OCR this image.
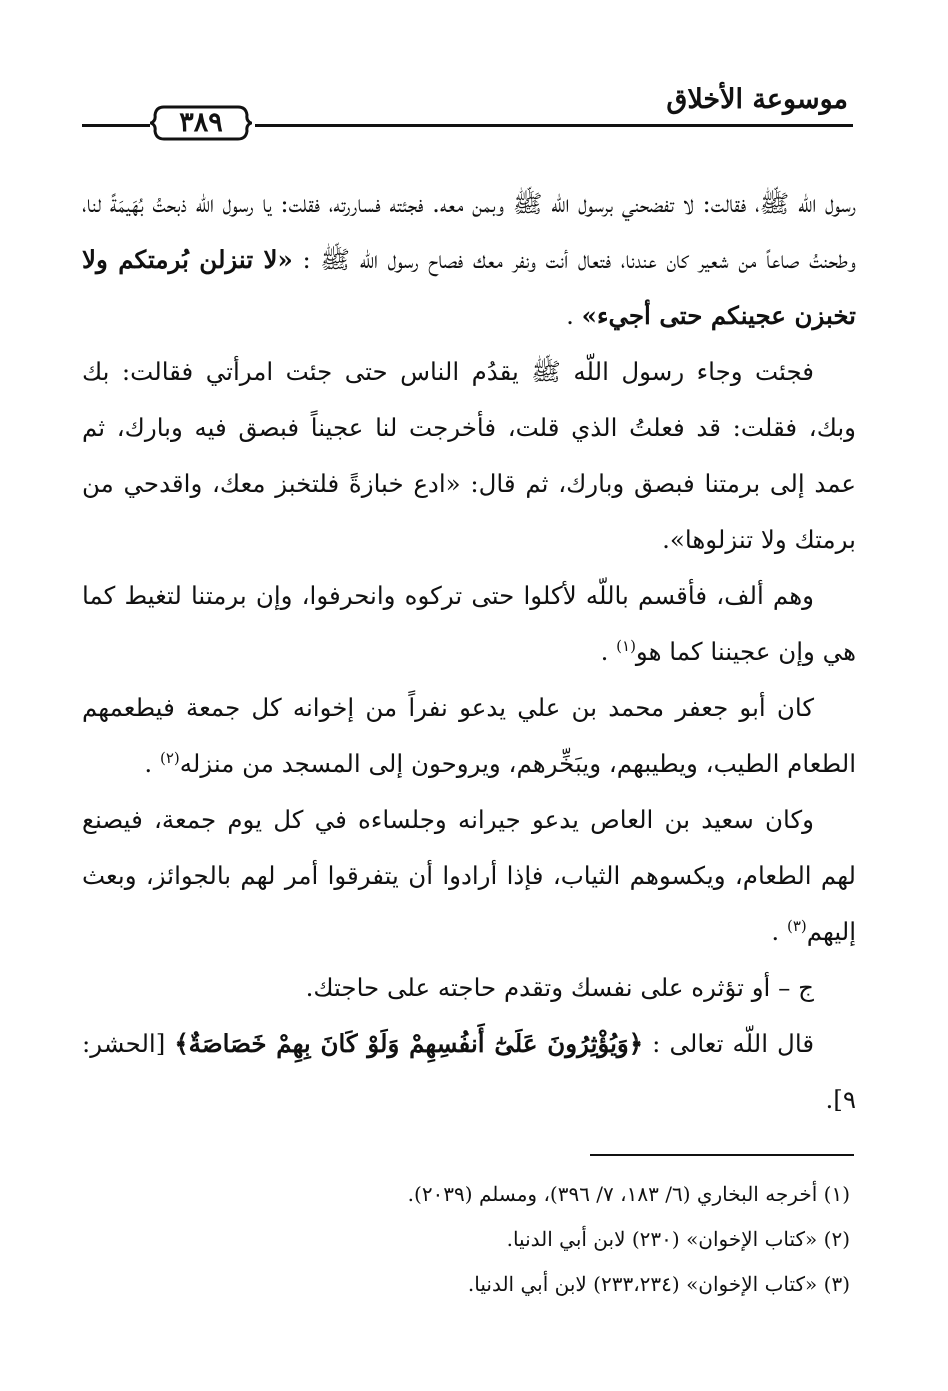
موسوعة الأخلاق
٣٨٩

رسول اللّه ﷺ، فقالت: لا تفضحني برسول اللّه ﷺ وبمن معه. فجئته فساررته، فقلت: يا رسول اللّه ذبحتُ بُهَيمَةً لنا، وطحنتُ صاعاً من شعير كان عندنا، فتعال أنت ونفر معك فصاح رسول اللّه ﷺ : «لا تنزلن بُرمتكم ولا تخبزن عجينكم حتى أجيء» .

فجئت وجاء رسول اللّه ﷺ يقدُم الناس حتى جئت امرأتي فقالت: بك وبك، فقلت: قد فعلتُ الذي قلت، فأخرجت لنا عجيناً فبصق فيه وبارك، ثم عمد إلى برمتنا فبصق وبارك، ثم قال: «ادع خبازةً فلتخبز معك، واقدحي من برمتك ولا تنزلوها».

وهم ألف، فأقسم باللّه لأكلوا حتى تركوه وانحرفوا، وإن برمتنا لتغيط كما هي وإن عجيننا كما هو$^{(١)}$ .

كان أبو جعفر محمد بن علي يدعو نفراً من إخوانه كل جمعة فيطعمهم الطعام الطيب، ويطيبهم، ويبَخِّرهم، ويروحون إلى المسجد من منزله$^{(٢)}$ .

وكان سعيد بن العاص يدعو جيرانه وجلساءه في كل يوم جمعة، فيصنع لهم الطعام، ويكسوهم الثياب، فإذا أرادوا أن يتفرقوا أمر لهم بالجوائز، وبعث إليهم$^{(٣)}$ .

ج – أو تؤثره على نفسك وتقدم حاجته على حاجتك.

قال اللّه تعالى : ﴿وَيُؤْثِرُونَ عَلَىٰٓ أَنفُسِهِمْ وَلَوْ كَانَ بِهِمْ خَصَاصَةٌ﴾ [الحشر: ٩].

(١) أخرجه البخاري (٦/ ١٨٣، ٧/ ٣٩٦)، ومسلم (٢٠٣٩).

(٢) «كتاب الإخوان» (٢٣٠) لابن أبي الدنيا.

(٣) «كتاب الإخوان» (٢٣٣،٢٣٤) لابن أبي الدنيا.
